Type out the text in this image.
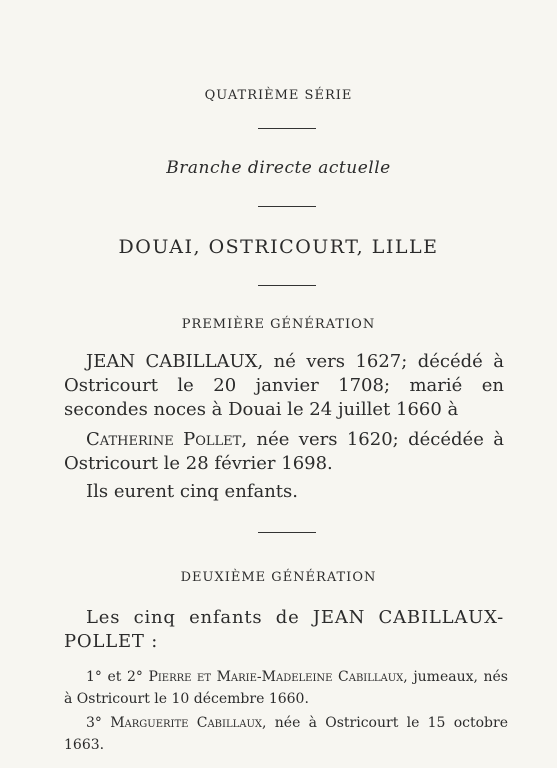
QUATRIÈME SÉRIE
Branche directe actuelle
DOUAI, OSTRICOURT, LILLE
PREMIÈRE GÉNÉRATION
JEAN CABILLAUX, né vers 1627; décédé à Ostricourt le 20 janvier 1708; marié en secondes noces à Douai le 24 juillet 1660 à
Catherine Pollet, née vers 1620; décédée à Ostricourt le 28 février 1698.
Ils eurent cinq enfants.
DEUXIÈME GÉNÉRATION
Les cinq enfants de JEAN CABILLAUX-POLLET :
1° et 2° Pierre et Marie-Madeleine Cabillaux, jumeaux, nés à Ostricourt le 10 décembre 1660.
3° Marguerite Cabillaux, née à Ostricourt le 15 octobre 1663.
